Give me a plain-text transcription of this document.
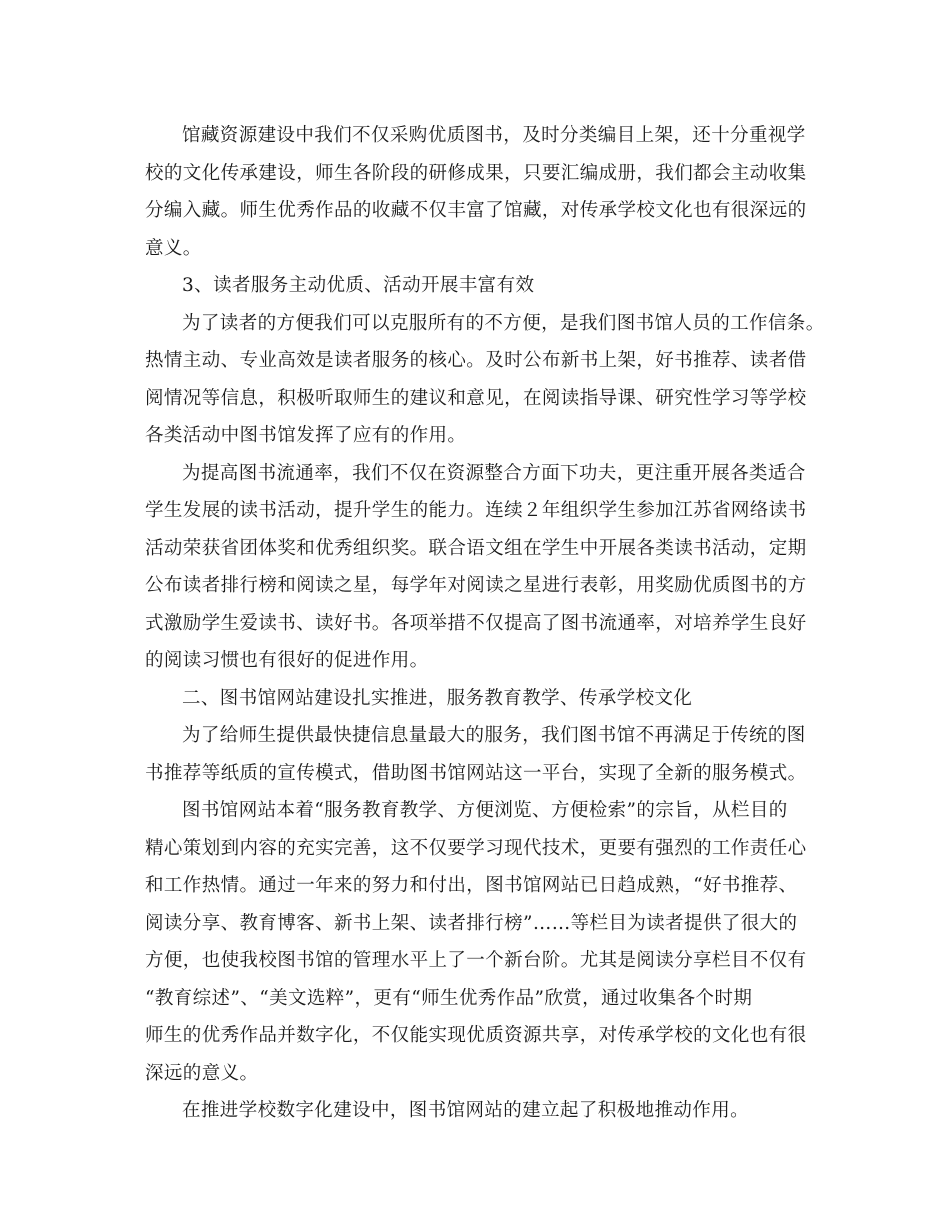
馆藏资源建设中我们不仅采购优质图书，及时分类编目上架，还十分重视学
校的文化传承建设，师生各阶段的研修成果，只要汇编成册，我们都会主动收集
分编入藏。师生优秀作品的收藏不仅丰富了馆藏，对传承学校文化也有很深远的
意义。
3、读者服务主动优质、活动开展丰富有效
为了读者的方便我们可以克服所有的不方便，是我们图书馆人员的工作信条。
热情主动、专业高效是读者服务的核心。及时公布新书上架，好书推荐、读者借
阅情况等信息，积极听取师生的建议和意见，在阅读指导课、研究性学习等学校
各类活动中图书馆发挥了应有的作用。
为提高图书流通率，我们不仅在资源整合方面下功夫，更注重开展各类适合
学生发展的读书活动，提升学生的能力。连续２年组织学生参加江苏省网络读书
活动荣获省团体奖和优秀组织奖。联合语文组在学生中开展各类读书活动，定期
公布读者排行榜和阅读之星，每学年对阅读之星进行表彰，用奖励优质图书的方
式激励学生爱读书、读好书。各项举措不仅提高了图书流通率，对培养学生良好
的阅读习惯也有很好的促进作用。
二、图书馆网站建设扎实推进，服务教育教学、传承学校文化
为了给师生提供最快捷信息量最大的服务，我们图书馆不再满足于传统的图
书推荐等纸质的宣传模式，借助图书馆网站这一平台，实现了全新的服务模式。
图书馆网站本着“服务教育教学、方便浏览、方便检索”的宗旨，从栏目的
精心策划到内容的充实完善，这不仅要学习现代技术，更要有强烈的工作责任心
和工作热情。通过一年来的努力和付出，图书馆网站已日趋成熟，“好书推荐、
阅读分享、教育博客、新书上架、读者排行榜”……等栏目为读者提供了很大的
方便，也使我校图书馆的管理水平上了一个新台阶。尤其是阅读分享栏目不仅有
“教育综述”、“美文选粹”，更有“师生优秀作品”欣赏，通过收集各个时期
师生的优秀作品并数字化，不仅能实现优质资源共享，对传承学校的文化也有很
深远的意义。
在推进学校数字化建设中，图书馆网站的建立起了积极地推动作用。
